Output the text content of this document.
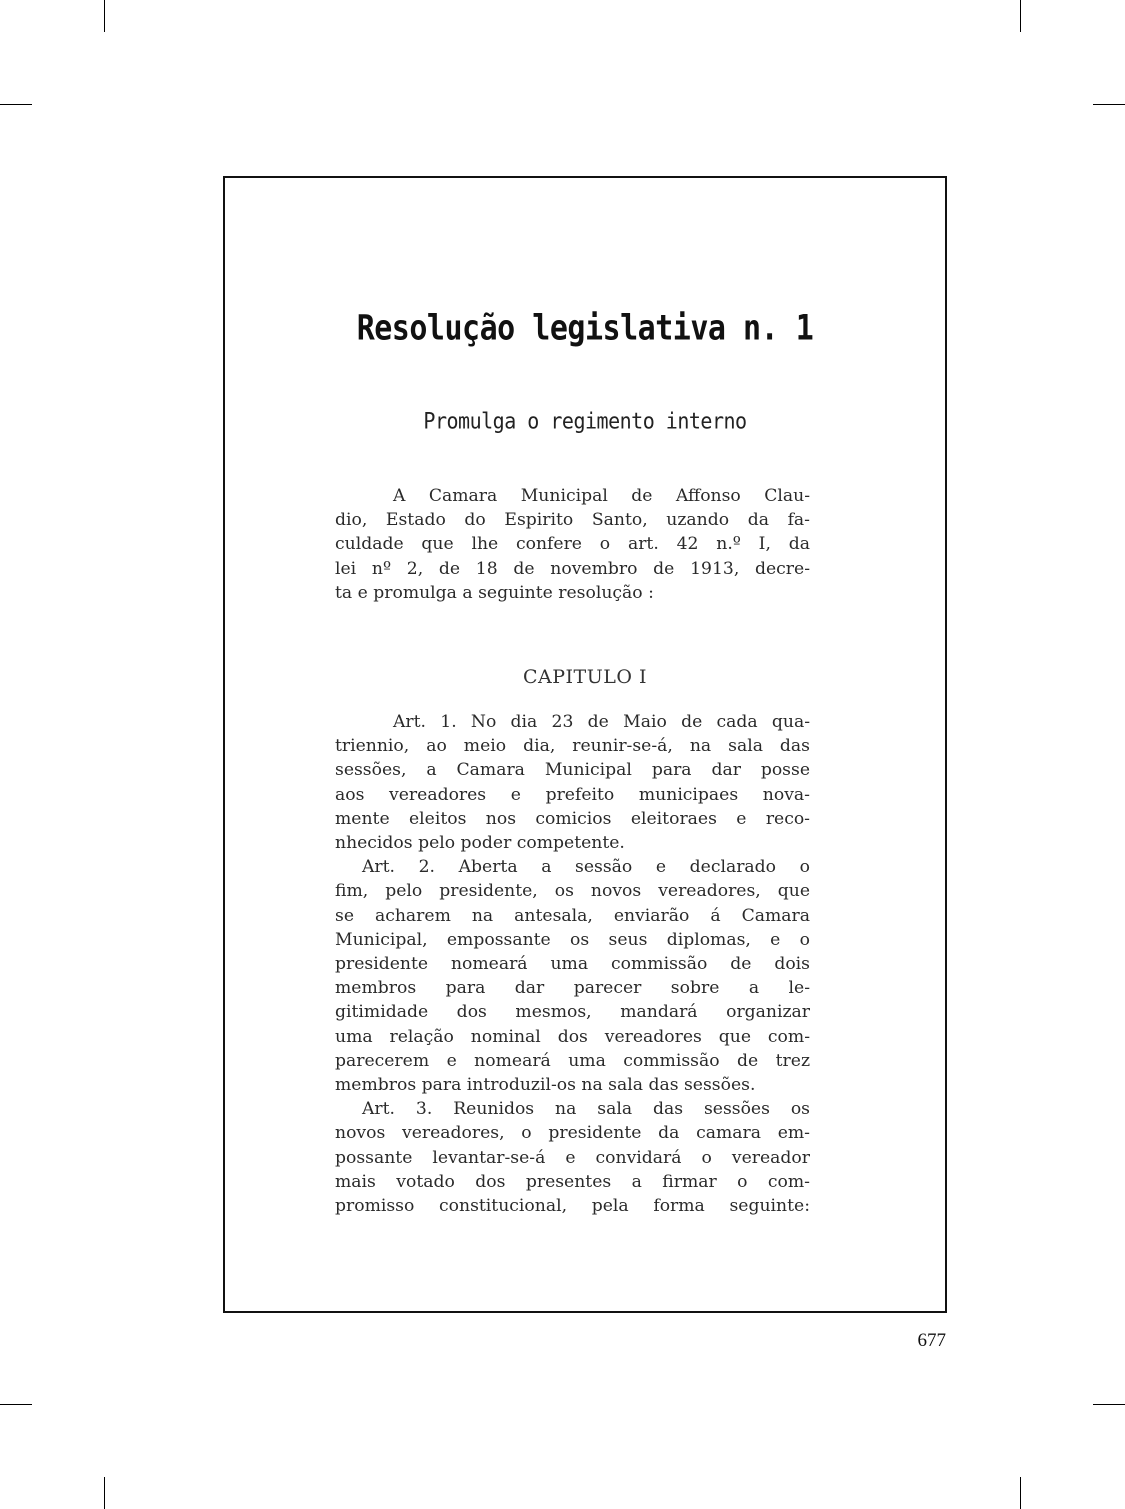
Resolução legislativa n. 1
Promulga o regimento interno
A Camara Municipal de Affonso Clau-
dio, Estado do Espirito Santo, uzando da fa-
culdade que lhe confere o art. 42 n.º I, da
lei nº 2, de 18 de novembro de 1913, decre-
ta e promulga a seguinte resolução :
CAPITULO I
Art. 1. No dia 23 de Maio de cada qua-
triennio, ao meio dia, reunir-se-á, na sala das
sessões, a Camara Municipal para dar posse
aos vereadores e prefeito municipaes nova-
mente eleitos nos comicios eleitoraes e reco-
nhecidos pelo poder competente.
Art. 2. Aberta a sessão e declarado o
fim, pelo presidente, os novos vereadores, que
se acharem na antesala, enviarão á Camara
Municipal, empossante os seus diplomas, e o
presidente nomeará uma commissão de dois
membros para dar parecer sobre a le-
gitimidade dos mesmos, mandará organizar
uma relação nominal dos vereadores que com-
parecerem e nomeará uma commissão de trez
membros para introduzil-os na sala das sessões.
Art. 3. Reunidos na sala das sessões os
novos vereadores, o presidente da camara em-
possante levantar-se-á e convidará o vereador
mais votado dos presentes a firmar o com-
promisso constitucional, pela forma seguinte:
677
